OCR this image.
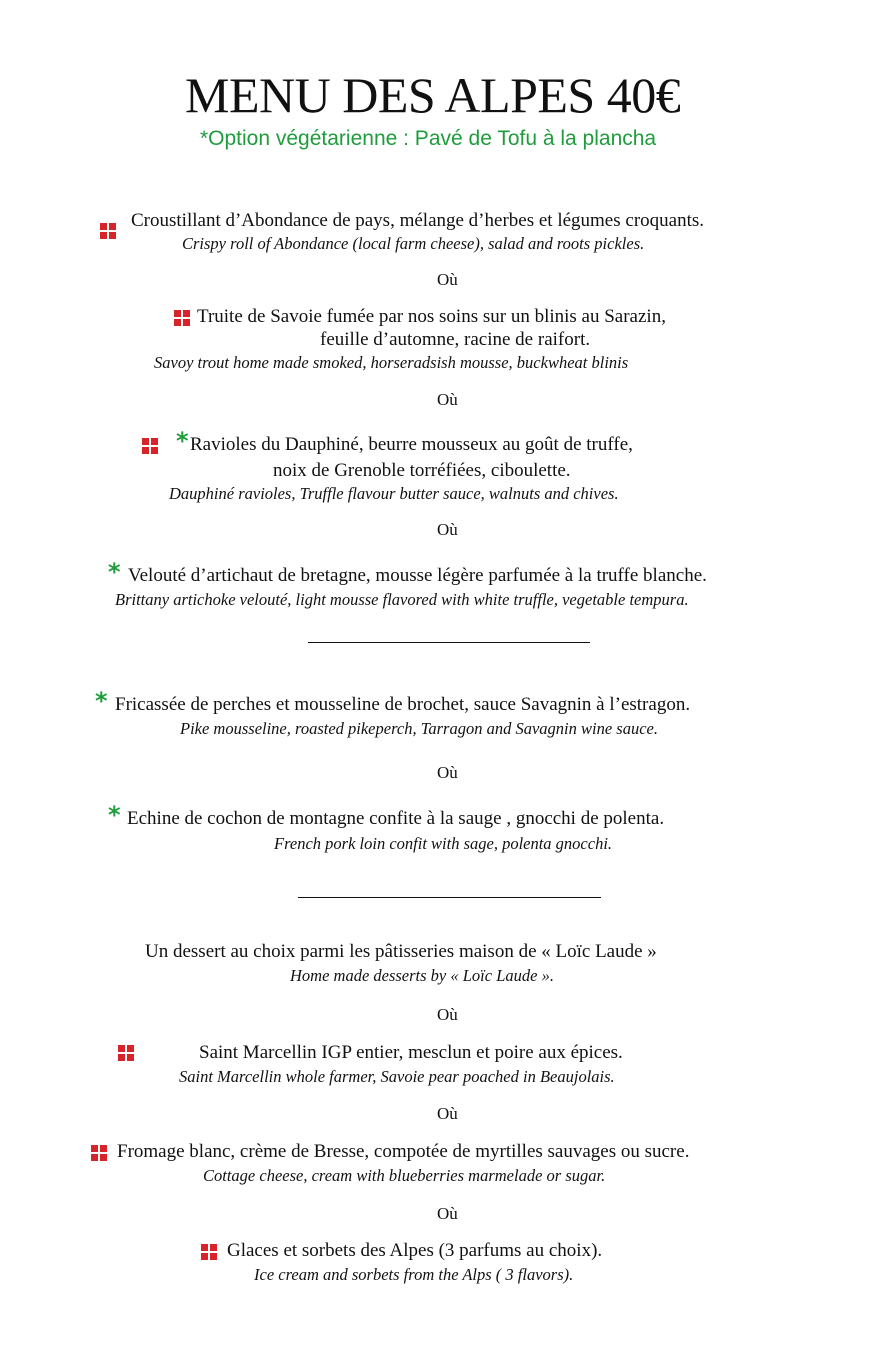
MENU DES ALPES 40€
*Option végétarienne : Pavé de Tofu à la plancha
Croustillant d’Abondance de pays, mélange d’herbes et légumes croquants.
Crispy roll of Abondance (local farm cheese), salad and roots pickles.
Où
Truite de Savoie fumée par nos soins sur un blinis au Sarazin,
feuille d’automne, racine de raifort.
Savoy trout home made smoked, horseradsish mousse, buckwheat blinis
Où
* Ravioles du Dauphiné, beurre mousseux au goût de truffe,
noix de Grenoble torréfiées, ciboulette.
Dauphiné ravioles, Truffle flavour butter sauce, walnuts and chives.
Où
* Velouté d’artichaut de bretagne, mousse légère parfumée à la truffe blanche.
Brittany artichoke velouté, light mousse flavored with white truffle, vegetable tempura.
* Fricassée de perches et mousseline de brochet, sauce Savagnin à l’estragon.
Pike mousseline, roasted pikeperch, Tarragon and Savagnin wine sauce.
Où
* Echine de cochon de montagne confite à la sauge , gnocchi de polenta.
French pork loin confit with sage, polenta gnocchi.
Un dessert au choix parmi les pâtisseries maison de « Loïc Laude »
Home made desserts by « Loïc Laude ».
Où
Saint Marcellin IGP entier, mesclun et poire aux épices.
Saint Marcellin whole farmer, Savoie pear poached in Beaujolais.
Où
Fromage blanc, crème de Bresse, compotée de myrtilles sauvages ou sucre.
Cottage cheese, cream with blueberries marmelade or sugar.
Où
Glaces et sorbets des Alpes (3 parfums au choix).
Ice cream and sorbets from the Alps ( 3 flavors).
